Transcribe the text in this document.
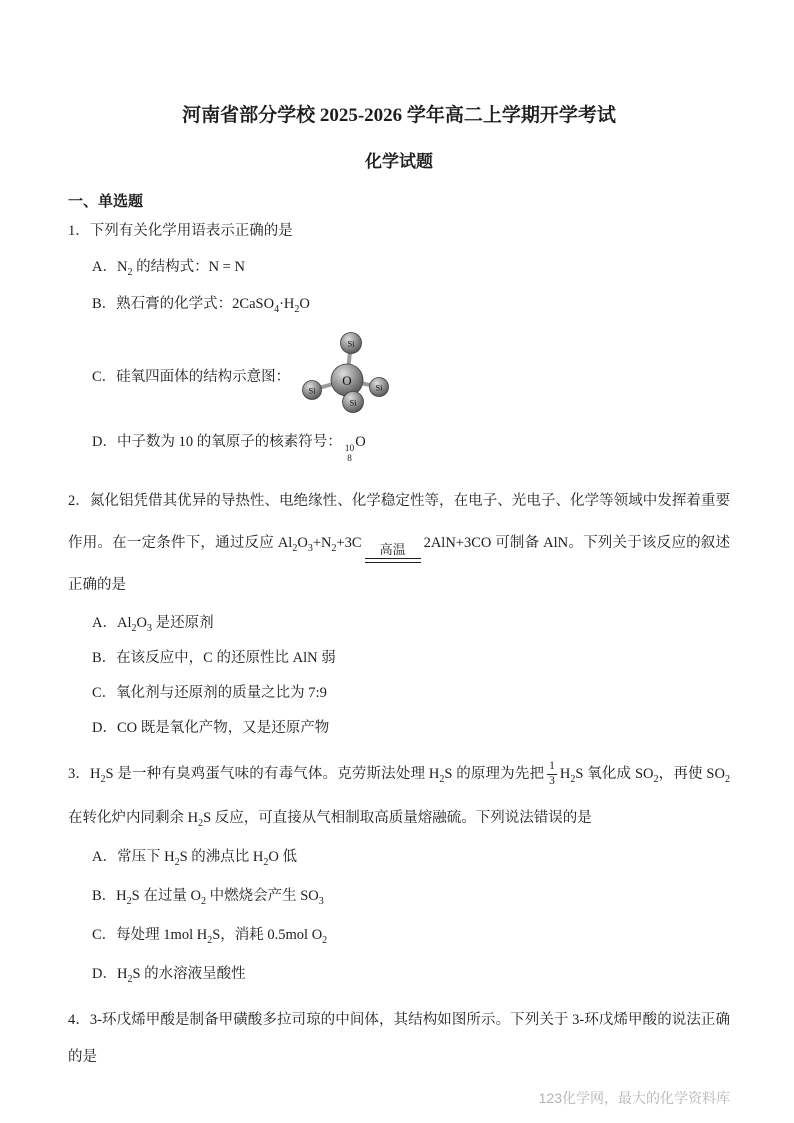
河南省部分学校 2025-2026 学年高二上学期开学考试
化学试题
一、单选题

1．下列有关化学用语表示正确的是

A．$N_2$ 的结构式：N = N
B．熟石膏的化学式：$2CaSO_4\cdot H_2O$
C．硅氧四面体的结构示意图：
Si
Si	Si
O
Si
D．中子数为 10 的氧原子的核素符号： 10
8
O

2．氮化铝凭借其优异的导热性、电绝缘性、化学稳定性等，在电子、光电子、化学等领域中发挥着重要作用。在一定条件下，通过反应 $Al_2O_3+N_2+3C$ 高温 2AlN+3CO 可制备 AlN。下列关于该反应的叙述正确的是

A．$Al_2O_3$ 是还原剂
B．在该反应中，C 的还原性比 AlN 弱
C．氧化剂与还原剂的质量之比为 7:9
D．CO 既是氧化产物，又是还原产物

3．$H_2S$ 是一种有臭鸡蛋气味的有毒气体。克劳斯法处理 $H_2S$ 的原理为先把 $\frac{1}{3} H_2S$ 氧化成 $SO_2$，再使 $SO_2$ 在转化炉内同剩余 $H_2S$ 反应，可直接从气相制取高质量熔融硫。下列说法错误的是

A．常压下 $H_2S$ 的沸点比 $H_2O$ 低
B．$H_2S$ 在过量 $O_2$ 中燃烧会产生 $SO_3$
C．每处理 1mol $H_2S$，消耗 0.5mol $O_2$
D．$H_2S$ 的水溶液呈酸性

4．3-环戊烯甲酸是制备甲磺酸多拉司琼的中间体，其结构如图所示。下列关于 3-环戊烯甲酸的说法正确的是

123化学网，最大的化学资料库
